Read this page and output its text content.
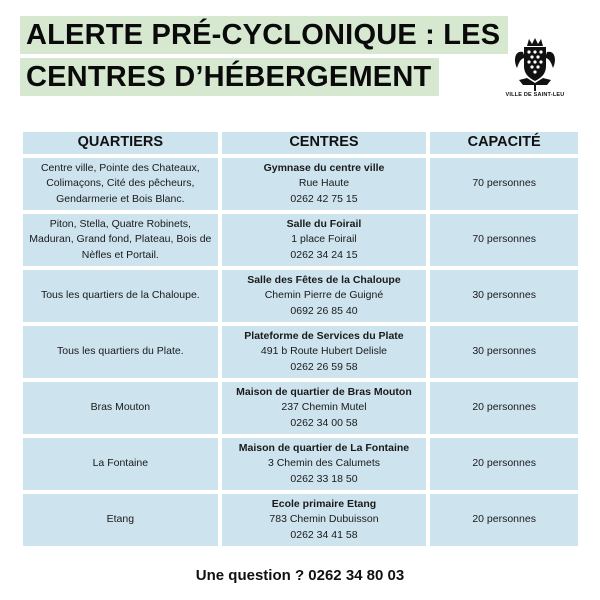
ALERTE PRÉ-CYCLONIQUE : LES
CENTRES D’HÉBERGEMENT
VILLE DE SAINT-LEU
QUARTIERS	CENTRES	CAPACITÉ
Centre ville, Pointe des Chateaux, Colimaçons, Cité des pêcheurs, Gendarmerie et Bois Blanc.
Gymnase du centre ville
Rue Haute
0262 42 75 15
70 personnes
Piton, Stella, Quatre Robinets, Maduran, Grand fond, Plateau, Bois de Nèfles et Portail.
Salle du Foirail
1 place Foirail
0262 34 24 15
70 personnes
Tous les quartiers de la Chaloupe.
Salle des Fêtes de la Chaloupe
Chemin Pierre de Guigné
0692 26 85 40
30 personnes
Tous les quartiers du Plate.
Plateforme de Services du Plate
491 b Route Hubert Delisle
0262 26 59 58
30 personnes
Bras Mouton
Maison de quartier de Bras Mouton
237 Chemin Mutel
0262 34 00 58
20 personnes
La Fontaine
Maison de quartier de La Fontaine
3 Chemin des Calumets
0262 33 18 50
20 personnes
Etang
Ecole primaire Etang
783 Chemin Dubuisson
0262 34 41 58
20 personnes
Une question ? 0262 34 80 03
